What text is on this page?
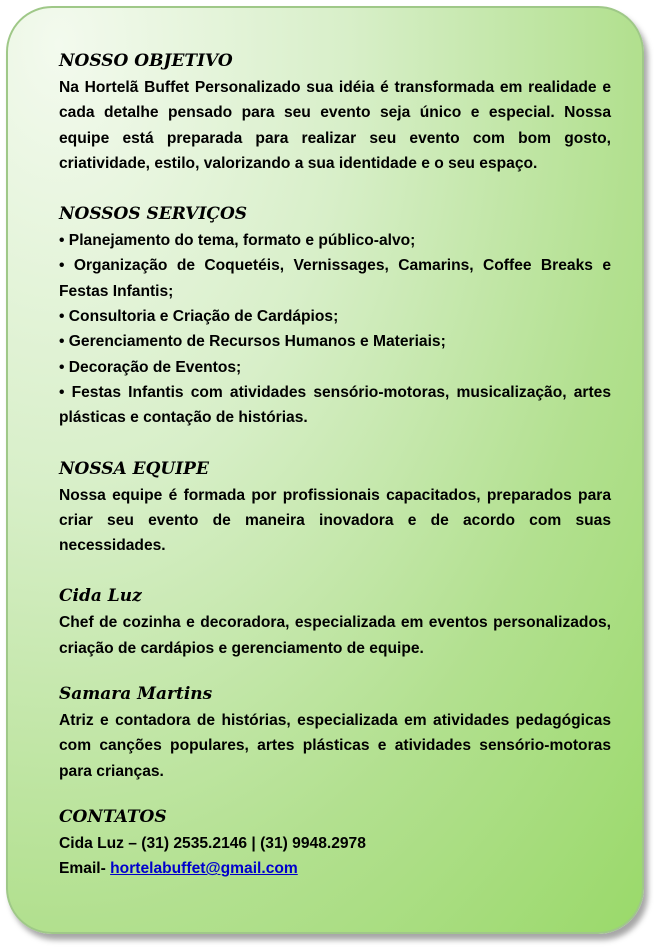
NOSSO OBJETIVO

Na Hortelã Buffet Personalizado sua idéia é transformada em realidade e cada detalhe pensado para seu evento seja único e especial. Nossa equipe está preparada para realizar seu evento com bom gosto, criatividade, estilo, valorizando a sua identidade e o seu espaço.

NOSSOS SERVIÇOS
• Planejamento do tema, formato e público-alvo;
• Organização de Coquetéis, Vernissages, Camarins, Coffee Breaks e Festas Infantis;
• Consultoria e Criação de Cardápios;
• Gerenciamento de Recursos Humanos e Materiais;
• Decoração de Eventos;
• Festas Infantis com atividades sensório-motoras, musicalização, artes plásticas e contação de histórias.
NOSSA EQUIPE

Nossa equipe é formada por profissionais capacitados, preparados para criar seu evento de maneira inovadora e de acordo com suas necessidades.

Cida Luz

Chef de cozinha e decoradora, especializada em eventos personalizados, criação de cardápios e gerenciamento de equipe.

Samara Martins

Atriz e contadora de histórias, especializada em atividades pedagógicas com canções populares, artes plásticas e atividades sensório-motoras para crianças.

CONTATOS

Cida Luz – (31) 2535.2146 | (31) 9948.2978

Email- hortelabuffet@gmail.com
